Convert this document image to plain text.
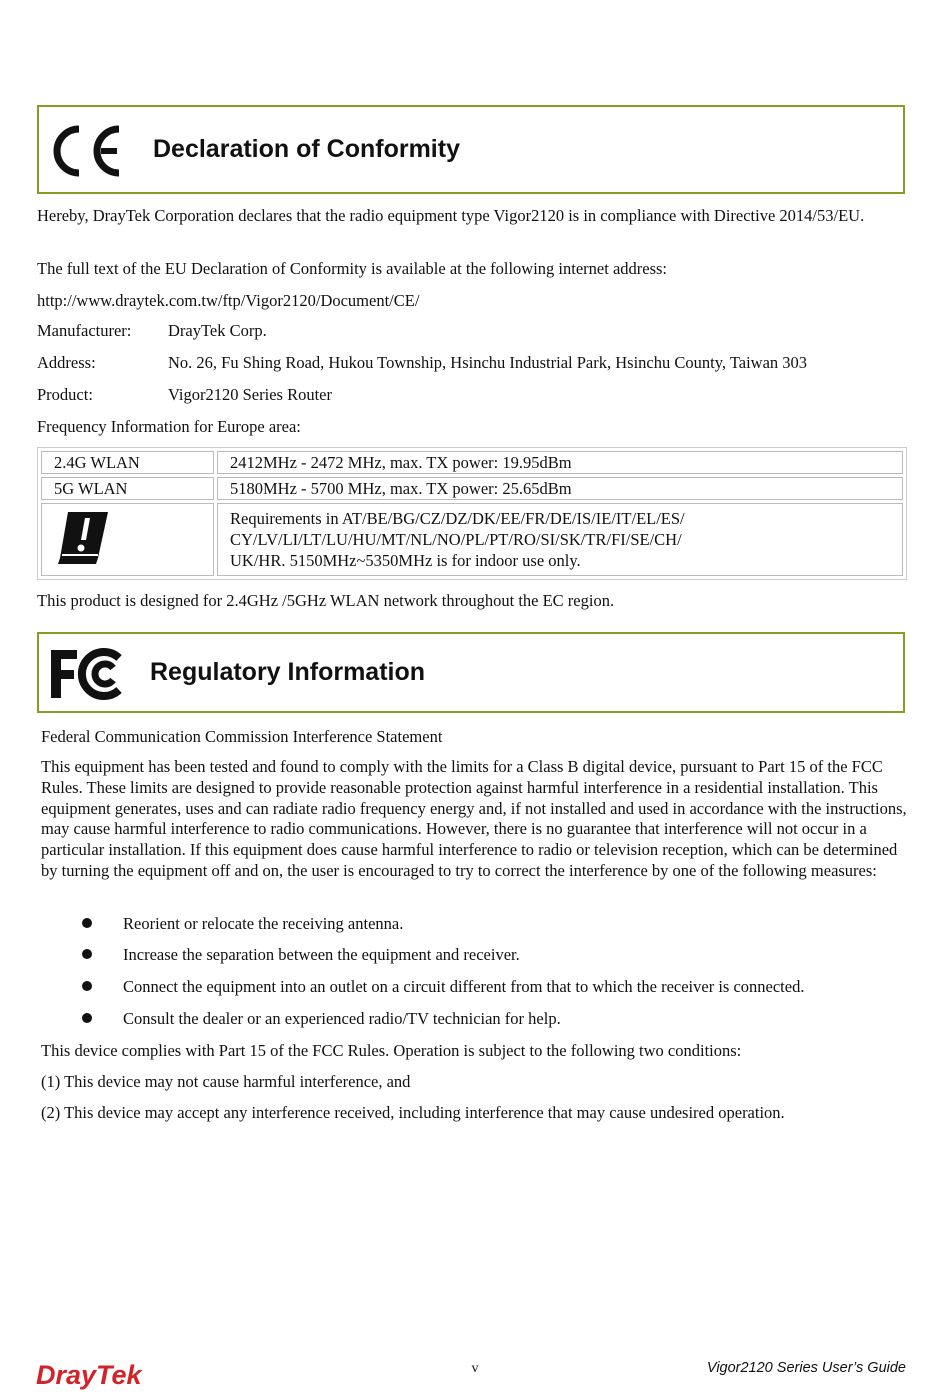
Declaration of Conformity

Hereby, DrayTek Corporation declares that the radio equipment type Vigor2120 is in compliance with Directive 2014/53/EU.

The full text of the EU Declaration of Conformity is available at the following internet address:

http://www.draytek.com.tw/ftp/Vigor2120/Document/CE/

Manufacturer: DrayTek Corp.
Address:	No. 26, Fu Shing Road, Hukou Township, Hsinchu Industrial Park, Hsinchu County, Taiwan 303
Product:	Vigor2120 Series Router

Frequency Information for Europe area:

2.4G WLAN	2412MHz - 2472 MHz, max. TX power: 19.95dBm
5G WLAN	5180MHz - 5700 MHz, max. TX power: 25.65dBm

Requirements in AT/BE/BG/CZ/DZ/DK/EE/FR/DE/IS/IE/IT/EL/ES/
CY/LV/LI/LT/LU/HU/MT/NL/NO/PL/PT/RO/SI/SK/TR/FI/SE/CH/
UK/HR. 5150MHz~5350MHz is for indoor use only.

This product is designed for 2.4GHz /5GHz WLAN network throughout the EC region.

Regulatory Information

Federal Communication Commission Interference Statement

This equipment has been tested and found to comply with the limits for a Class B digital device, pursuant to Part 15 of the FCC Rules. These limits are designed to provide reasonable protection against harmful interference in a residential installation. This equipment generates, uses and can radiate radio frequency energy and, if not installed and used in accordance with the instructions, may cause harmful interference to radio communications. However, there is no guarantee that interference will not occur in a particular installation. If this equipment does cause harmful interference to radio or television reception, which can be determined by turning the equipment off and on, the user is encouraged to try to correct the interference by one of the following measures:

Reorient or relocate the receiving antenna.

Increase the separation between the equipment and receiver.

Connect the equipment into an outlet on a circuit different from that to which the receiver is connected.

Consult the dealer or an experienced radio/TV technician for help.

This device complies with Part 15 of the FCC Rules. Operation is subject to the following two conditions:

(1) This device may not cause harmful interference, and

(2) This device may accept any interference received, including interference that may cause undesired operation.

DrayTek	v	Vigor2120 Series User’s Guide
